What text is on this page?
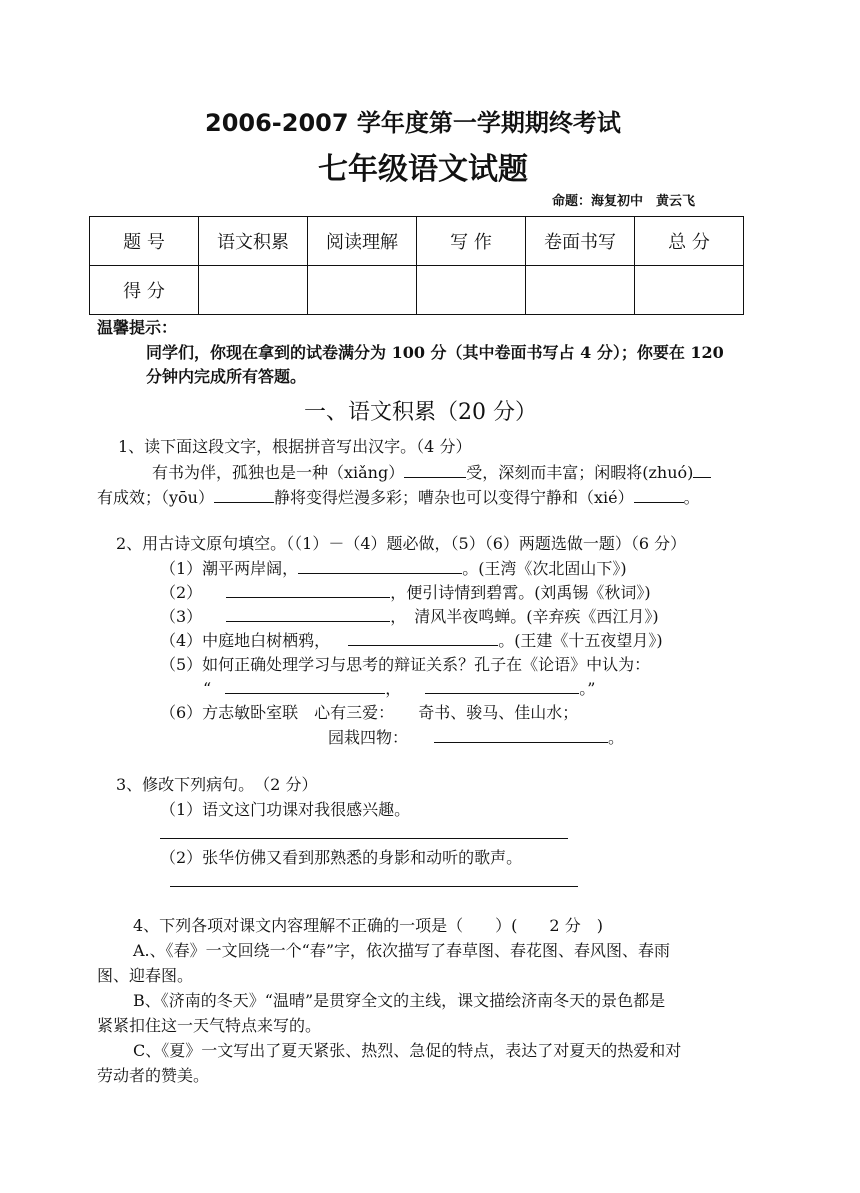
2006-2007 学年度第一学期期终考试
七年级语文试题
命题：海复初中　黄云飞
题 号	语文积累	阅读理解	写 作	卷面书写	总 分
得 分					
温馨提示：
同学们，你现在拿到的试卷满分为 100 分（其中卷面书写占 4 分）；你要在 120
分钟内完成所有答题。
一、语文积累（20 分）
1、读下面这段文字，根据拼音写出汉字。（4 分）
有书为伴，孤独也是一种（xiǎng）	受，深刻而丰富；闲暇将(zhuó)
有成效；（yōu）	静将变得烂漫多彩；嘈杂也可以变得宁静和（xié）	。
2、用古诗文原句填空。（（1）－（4）题必做，（5）（6）两题选做一题）（6 分）
（1）潮平两岸阔，	。(王湾《次北固山下》)
（2）	，便引诗情到碧霄。(刘禹锡《秋词》)
（3）	，　清风半夜鸣蝉。(辛弃疾《西江月》)
（4）中庭地白树栖鸦，	。(王建《十五夜望月》)
（5）如何正确处理学习与思考的辩证关系？孔子在《论语》中认为：
“	，	。”
（6）方志敏卧室联　心有三爱： 奇书、骏马、佳山水；
园栽四物：	。
3、修改下列病句。　（2 分）
（1）语文这门功课对我很感兴趣。
（2）张华仿佛又看到那熟悉的身影和动听的歌声。
4、下列各项对课文内容理解不正确的一项是（　　）(　　2 分　)
A.、《春》一文回绕一个“春”字，依次描写了春草图、春花图、春风图、春雨
图、迎春图。
B、《济南的冬天》“温晴”是贯穿全文的主线，课文描绘济南冬天的景色都是
紧紧扣住这一天气特点来写的。
C、《夏》一文写出了夏天紧张、热烈、急促的特点，表达了对夏天的热爱和对
劳动者的赞美。
